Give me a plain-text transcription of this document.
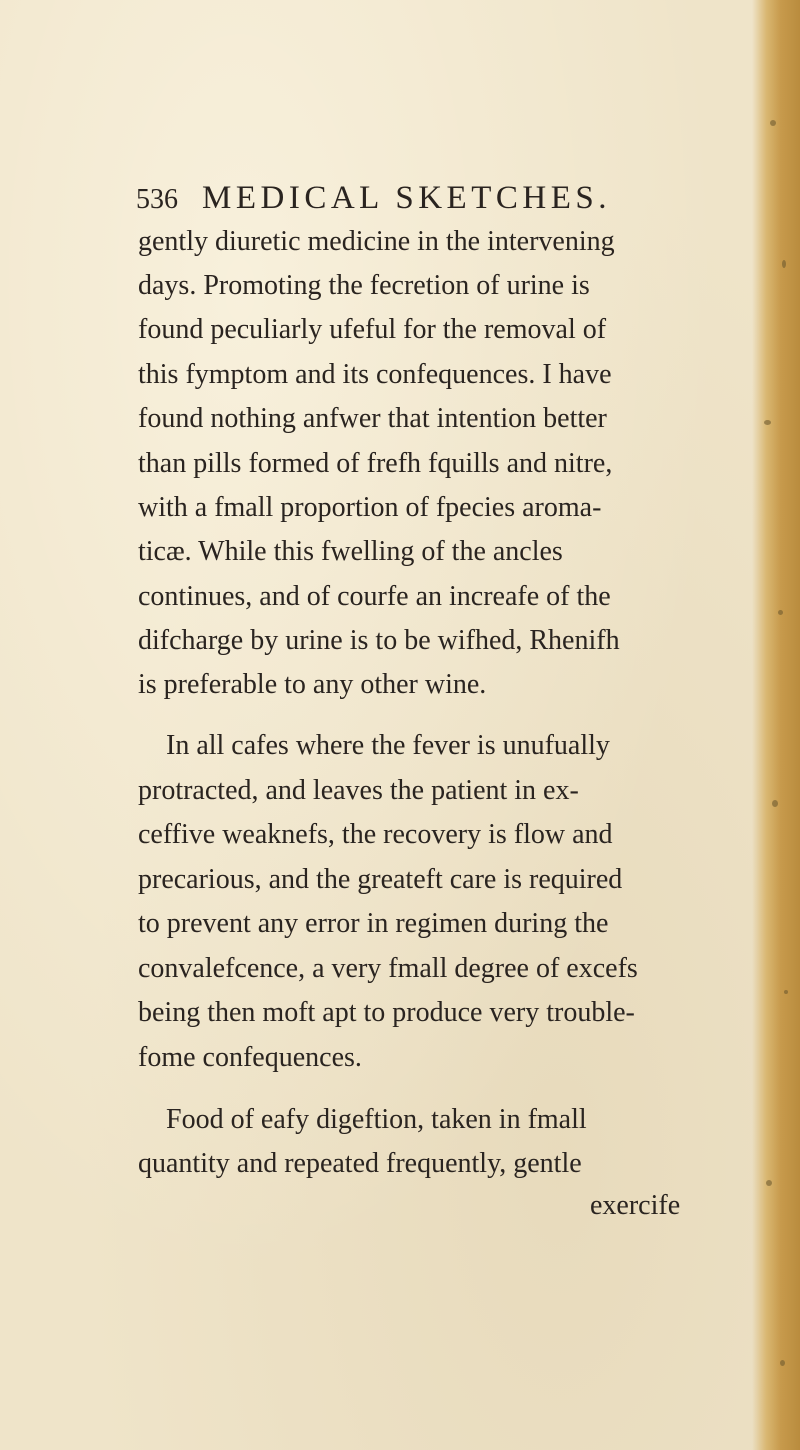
536 MEDICAL SKETCHES.
gently diuretic medicine in the intervening
days. Promoting the fecretion of urine is
found peculiarly ufeful for the removal of
this fymptom and its confequences. I have
found nothing anfwer that intention better
than pills formed of frefh fquills and nitre,
with a fmall proportion of fpecies aroma-
ticæ. While this fwelling of the ancles
continues, and of courfe an increafe of the
difcharge by urine is to be wifhed, Rhenifh
is preferable to any other wine.
In all cafes where the fever is unufually
protracted, and leaves the patient in ex-
ceffive weaknefs, the recovery is flow and
precarious, and the greateft care is required
to prevent any error in regimen during the
convalefcence, a very fmall degree of excefs
being then moft apt to produce very trouble-
fome confequences.
Food of eafy digeftion, taken in fmall
quantity and repeated frequently, gentle
exercife
